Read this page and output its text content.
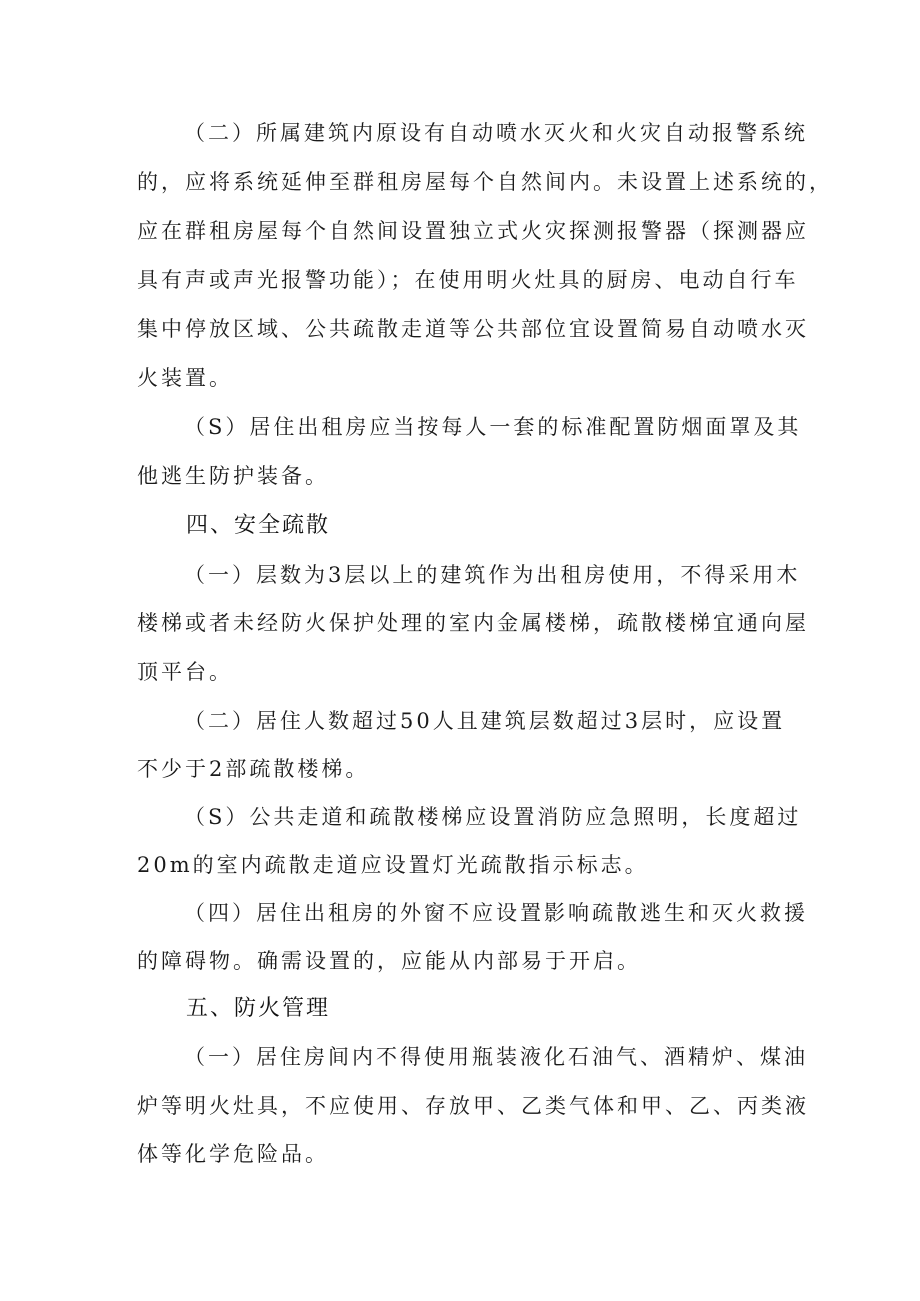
（二）所属建筑内原设有自动喷水灭火和火灾自动报警系统
的，应将系统延伸至群租房屋每个自然间内。未设置上述系统的，
应在群租房屋每个自然间设置独立式火灾探测报警器（探测器应
具有声或声光报警功能）；在使用明火灶具的厨房、电动自行车
集中停放区域、公共疏散走道等公共部位宜设置简易自动喷水灭
火装置。
（S）居住出租房应当按每人一套的标准配置防烟面罩及其
他逃生防护装备。
四、安全疏散
（一）层数为3层以上的建筑作为出租房使用，不得采用木
楼梯或者未经防火保护处理的室内金属楼梯，疏散楼梯宜通向屋
顶平台。
（二）居住人数超过50人且建筑层数超过3层时，应设置
不少于2部疏散楼梯。
（S）公共走道和疏散楼梯应设置消防应急照明，长度超过
20m的室内疏散走道应设置灯光疏散指示标志。
（四）居住出租房的外窗不应设置影响疏散逃生和灭火救援
的障碍物。确需设置的，应能从内部易于开启。
五、防火管理
（一）居住房间内不得使用瓶装液化石油气、酒精炉、煤油
炉等明火灶具，不应使用、存放甲、乙类气体和甲、乙、丙类液
体等化学危险品。
